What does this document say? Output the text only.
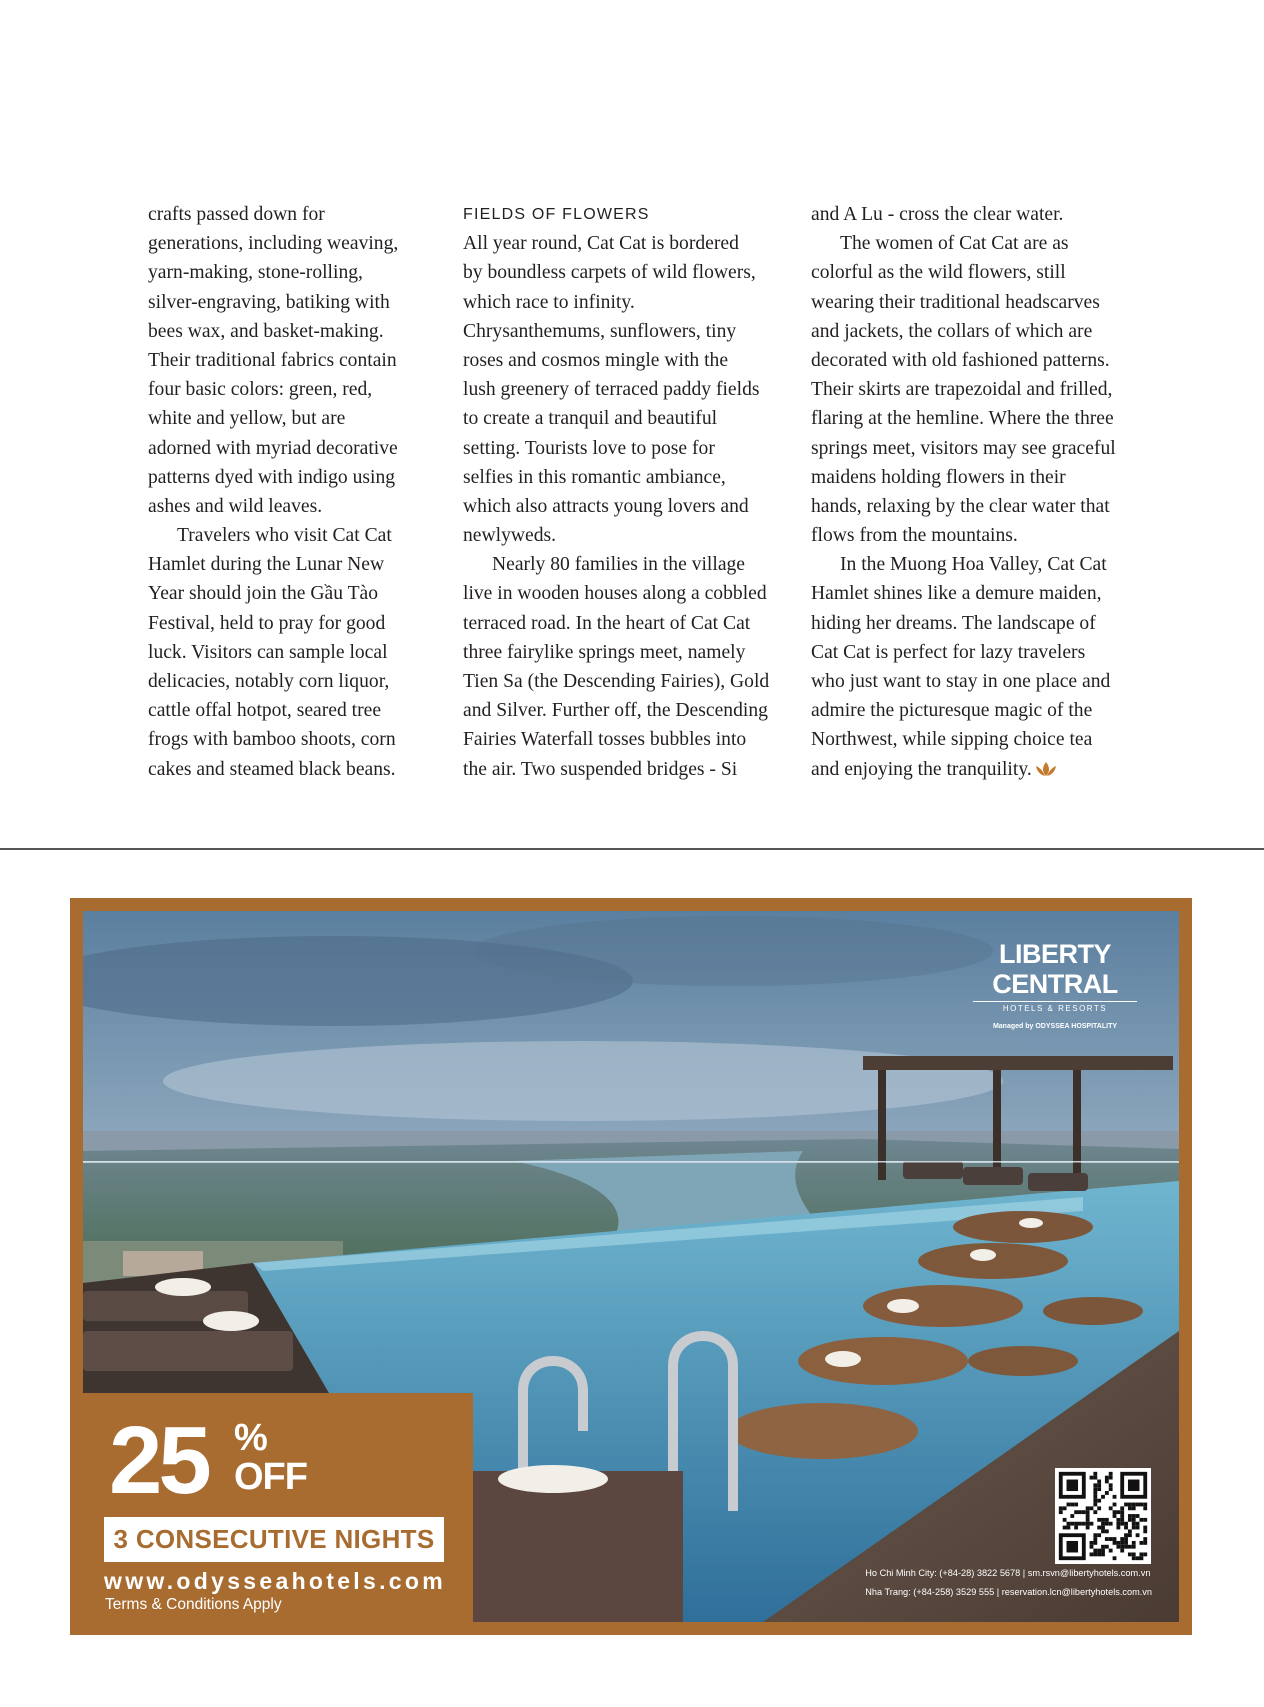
crafts passed down for
generations, including weaving,
yarn-making, stone-rolling,
silver-engraving, batiking with
bees wax, and basket-making.
Their traditional fabrics contain
four basic colors: green, red,
white and yellow, but are
adorned with myriad decorative
patterns dyed with indigo using
ashes and wild leaves.
Travelers who visit Cat Cat
Hamlet during the Lunar New
Year should join the Gầu Tào
Festival, held to pray for good
luck. Visitors can sample local
delicacies, notably corn liquor,
cattle offal hotpot, seared tree
frogs with bamboo shoots, corn
cakes and steamed black beans.
FIELDS OF FLOWERS
All year round, Cat Cat is bordered
by boundless carpets of wild flowers,
which race to infinity.
Chrysanthemums, sunflowers, tiny
roses and cosmos mingle with the
lush greenery of terraced paddy fields
to create a tranquil and beautiful
setting. Tourists love to pose for
selfies in this romantic ambiance,
which also attracts young lovers and
newlyweds.
Nearly 80 families in the village
live in wooden houses along a cobbled
terraced road. In the heart of Cat Cat
three fairylike springs meet, namely
Tien Sa (the Descending Fairies), Gold
and Silver. Further off, the Descending
Fairies Waterfall tosses bubbles into
the air. Two suspended bridges - Si
and A Lu - cross the clear water.
The women of Cat Cat are as
colorful as the wild flowers, still
wearing their traditional headscarves
and jackets, the collars of which are
decorated with old fashioned patterns.
Their skirts are trapezoidal and frilled,
flaring at the hemline. Where the three
springs meet, visitors may see graceful
maidens holding flowers in their
hands, relaxing by the clear water that
flows from the mountains.
In the Muong Hoa Valley, Cat Cat
Hamlet shines like a demure maiden,
hiding her dreams. The landscape of
Cat Cat is perfect for lazy travelers
who just want to stay in one place and
admire the picturesque magic of the
Northwest, while sipping choice tea
and enjoying the tranquility.
LIBERTY CENTRAL
HOTELS & RESORTS
Managed by ODYSSEA HOSPITALITY
25 %
OFF
3 CONSECUTIVE NIGHTS
www.odysseahotels.com
Terms & Conditions Apply
Ho Chi Minh City: (+84-28) 3822 5678 | sm.rsvn@libertyhotels.com.vn
Nha Trang: (+84-258) 3529 555 | reservation.lcn@libertyhotels.com.vn
